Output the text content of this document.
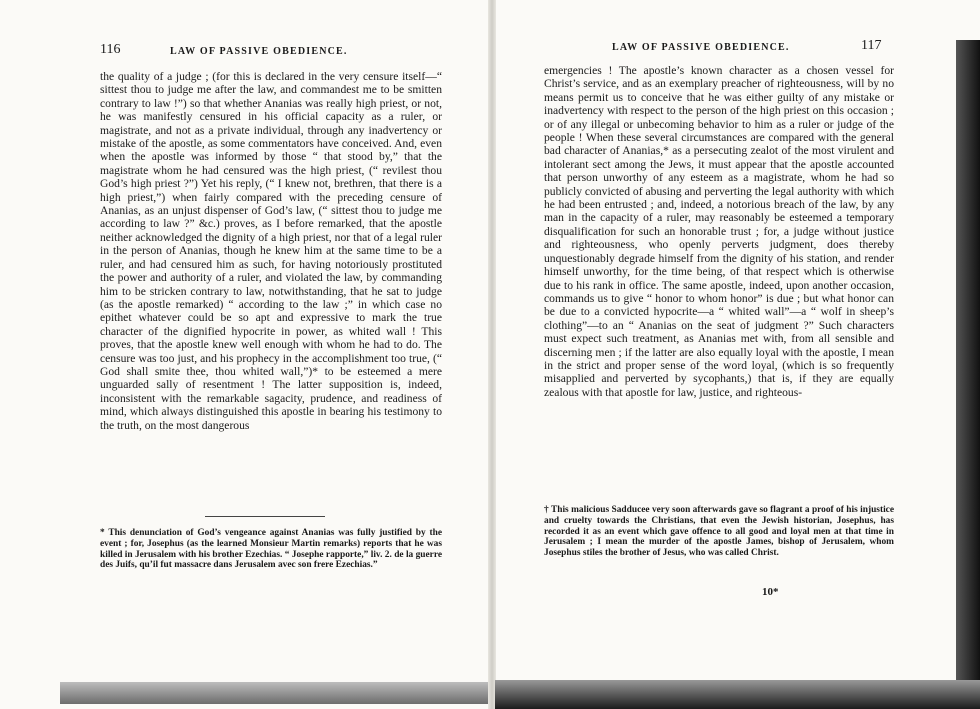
116	LAW OF PASSIVE OBEDIENCE.

the quality of a judge ; (for this is declared in the very censure itself—“ sittest thou to judge me after the law, and commandest me to be smitten contrary to law !”) so that whether Ananias was really high priest, or not, he was manifestly censured in his official capacity as a ruler, or magistrate, and not as a private individual, through any inadvertency or mistake of the apostle, as some commentators have conceived. And, even when the apostle was informed by those “ that stood by,” that the magistrate whom he had censured was the high priest, (“ revilest thou God’s high priest ?”) Yet his reply, (“ I knew not, brethren, that there is a high priest,”) when fairly compared with the preceding censure of Ananias, as an unjust dispenser of God’s law, (“ sittest thou to judge me according to law ?” &c.) proves, as I before remarked, that the apostle neither acknowledged the dignity of a high priest, nor that of a legal ruler in the person of Ananias, though he knew him at the same time to be a ruler, and had censured him as such, for having notoriously prostituted the power and authority of a ruler, and violated the law, by commanding him to be stricken contrary to law, notwithstanding, that he sat to judge (as the apostle remarked) “ according to the law ;” in which case no epithet whatever could be so apt and expressive to mark the true character of the dignified hypocrite in power, as whited wall ! This proves, that the apostle knew well enough with whom he had to do. The censure was too just, and his prophecy in the accomplishment too true, (“ God shall smite thee, thou whited wall,”)* to be esteemed a mere unguarded sally of resentment ! The latter supposition is, indeed, inconsistent with the remarkable sagacity, prudence, and readiness of mind, which always distinguished this apostle in bearing his testimony to the truth, on the most dangerous

* This denunciation of God’s vengeance against Ananias was fully justified by the event ; for, Josephus (as the learned Monsieur Martin remarks) reports that he was killed in Jerusalem with his brother Ezechias. “ Josephe rapporte,” liv. 2. de la guerre des Juifs, qu’il fut massacre dans Jerusalem avec son frere Ezechias.”

LAW OF PASSIVE OBEDIENCE.	117

emergencies ! The apostle’s known character as a chosen vessel for Christ’s service, and as an exemplary preacher of righteousness, will by no means permit us to conceive that he was either guilty of any mistake or inadvertency with respect to the person of the high priest on this occasion ; or of any illegal or unbecoming behavior to him as a ruler or judge of the people ! When these several circumstances are compared with the general bad character of Ananias,* as a persecuting zealot of the most virulent and intolerant sect among the Jews, it must appear that the apostle accounted that person unworthy of any esteem as a magistrate, whom he had so publicly convicted of abusing and perverting the legal authority with which he had been entrusted ; and, indeed, a notorious breach of the law, by any man in the capacity of a ruler, may reasonably be esteemed a temporary disqualification for such an honorable trust ; for, a judge without justice and righteousness, who openly perverts judgment, does thereby unquestionably degrade himself from the dignity of his station, and render himself unworthy, for the time being, of that respect which is otherwise due to his rank in office. The same apostle, indeed, upon another occasion, commands us to give “ honor to whom honor” is due ; but what honor can be due to a convicted hypocrite—a “ whited wall”—a “ wolf in sheep’s clothing”—to an “ Ananias on the seat of judgment ?” Such characters must expect such treatment, as Ananias met with, from all sensible and discerning men ; if the latter are also equally loyal with the apostle, I mean in the strict and proper sense of the word loyal, (which is so frequently misapplied and perverted by sycophants,) that is, if they are equally zealous with that apostle for law, justice, and righteous-

† This malicious Sadducee very soon afterwards gave so flagrant a proof of his injustice and cruelty towards the Christians, that even the Jewish historian, Josephus, has recorded it as an event which gave offence to all good and loyal men at that time in Jerusalem ; I mean the murder of the apostle James, bishop of Jerusalem, whom Josephus stiles the brother of Jesus, who was called Christ.

10*
